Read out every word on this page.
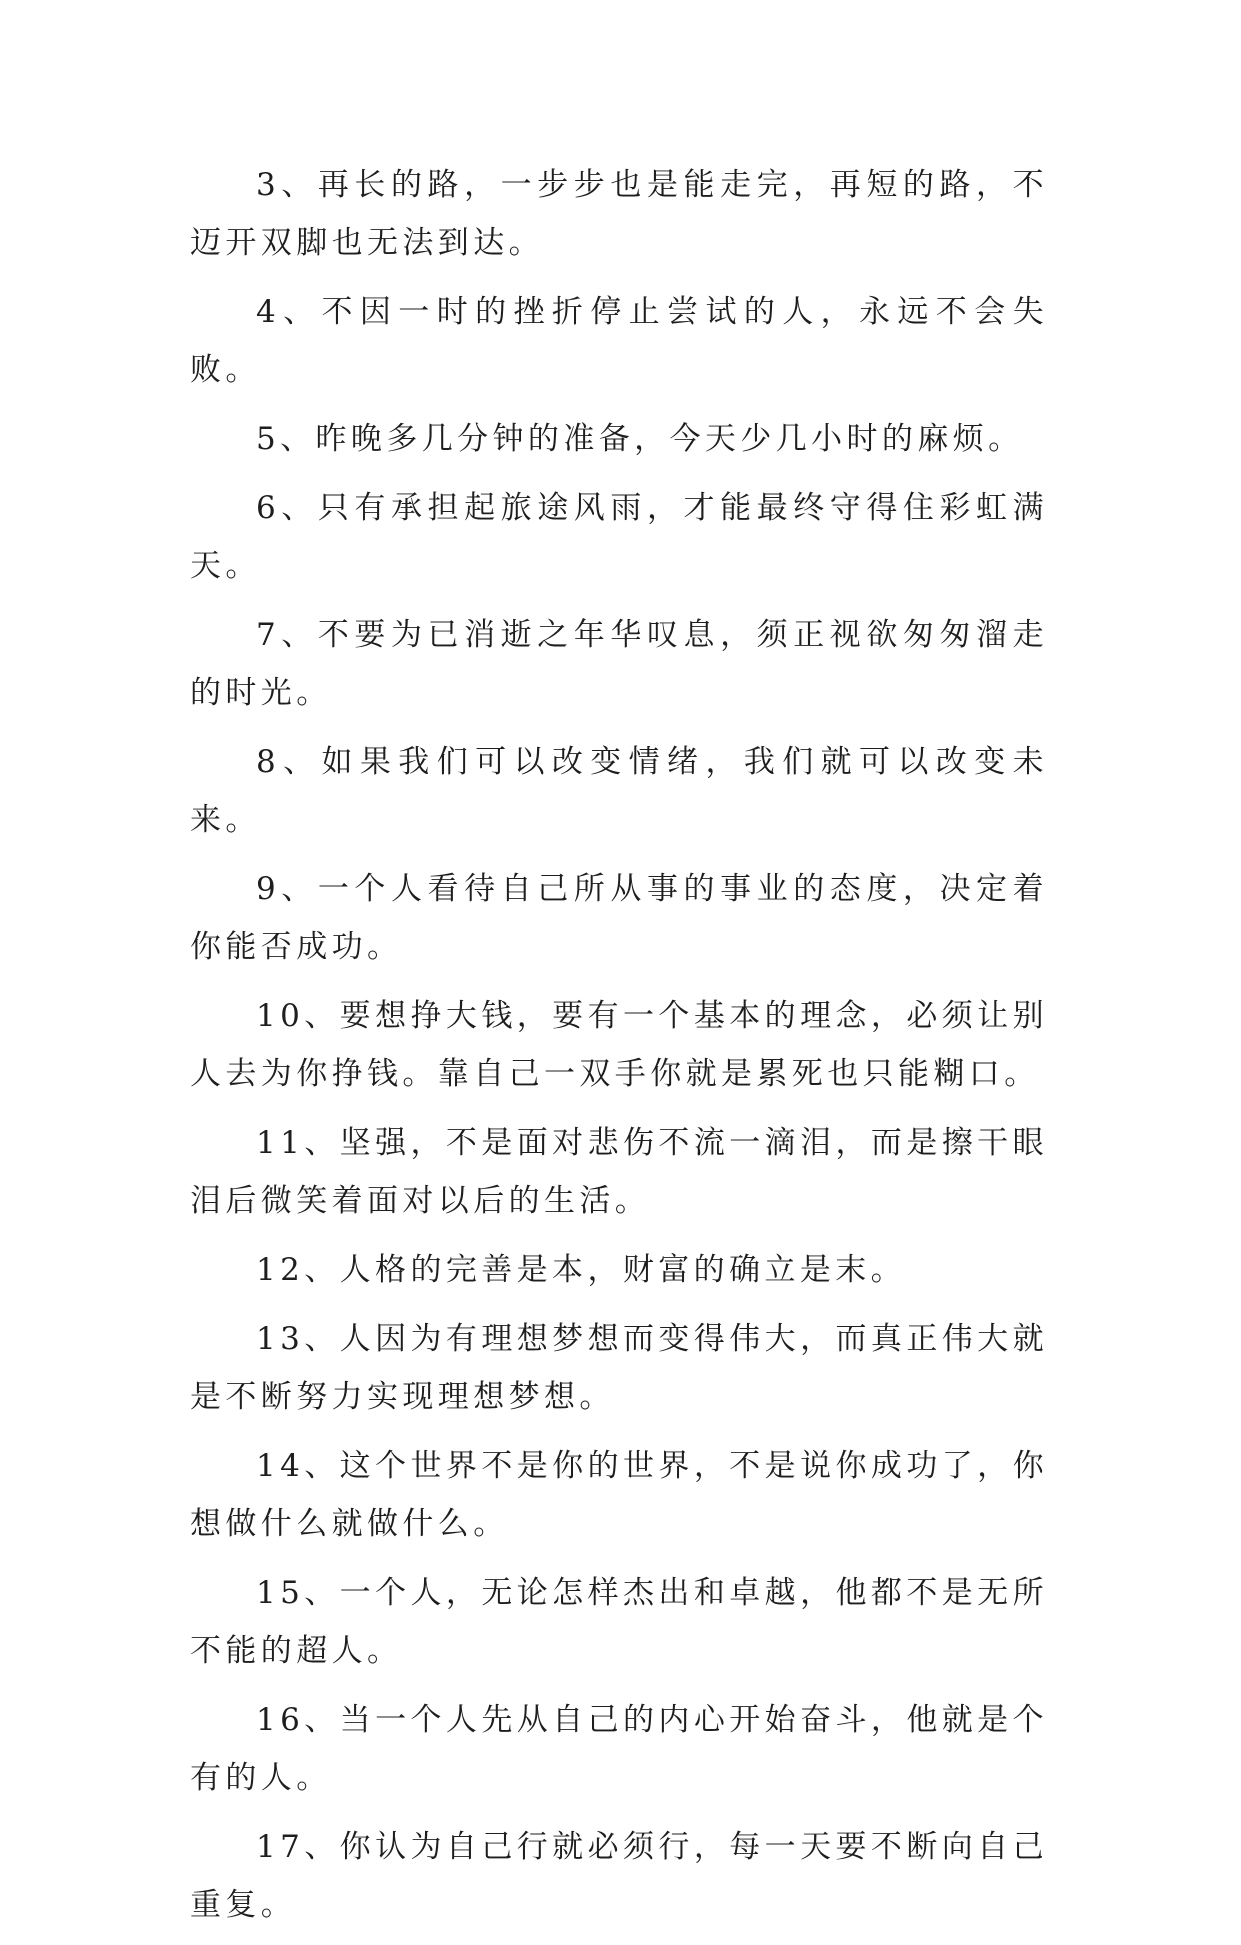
3、再长的路，一步步也是能走完，再短的路，不迈开双脚也无法到达。

4、不因一时的挫折停止尝试的人，永远不会失败。

5、昨晚多几分钟的准备，今天少几小时的麻烦。

6、只有承担起旅途风雨，才能最终守得住彩虹满天。

7、不要为已消逝之年华叹息，须正视欲匆匆溜走的时光。

8、如果我们可以改变情绪，我们就可以改变未来。

9、一个人看待自己所从事的事业的态度，决定着你能否成功。

10、要想挣大钱，要有一个基本的理念，必须让别人去为你挣钱。靠自己一双手你就是累死也只能糊口。

11、坚强，不是面对悲伤不流一滴泪，而是擦干眼泪后微笑着面对以后的生活。

12、人格的完善是本，财富的确立是末。

13、人因为有理想梦想而变得伟大，而真正伟大就是不断努力实现理想梦想。

14、这个世界不是你的世界，不是说你成功了，你想做什么就做什么。

15、一个人，无论怎样杰出和卓越，他都不是无所不能的超人。

16、当一个人先从自己的内心开始奋斗，他就是个有的人。

17、你认为自己行就必须行，每一天要不断向自己重复。
